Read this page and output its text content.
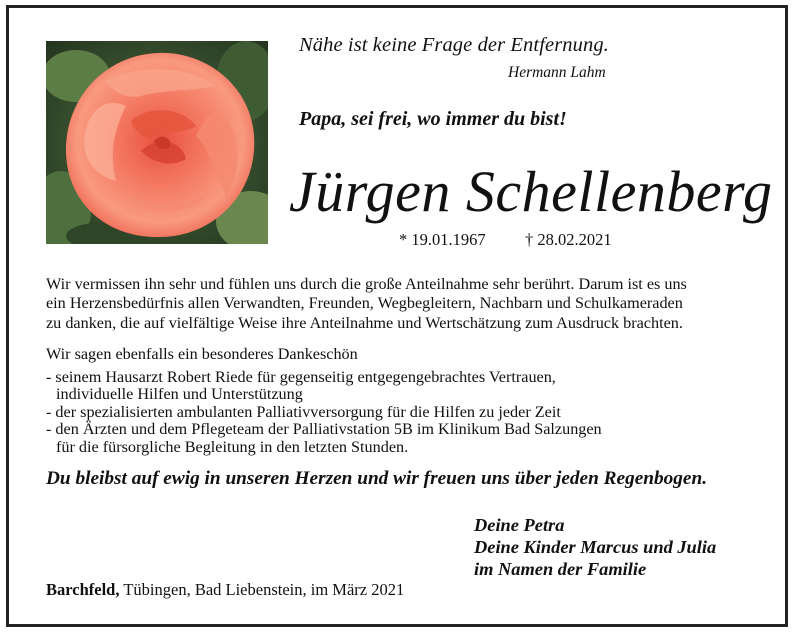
Nähe ist keine Frage der Entfernung.
Hermann Lahm
Papa, sei frei, wo immer du bist!
Jürgen Schellenberg
* 19.01.1967 † 28.02.2021
Wir vermissen ihn sehr und fühlen uns durch die große Anteilnahme sehr berührt. Darum ist es uns
ein Herzensbedürfnis allen Verwandten, Freunden, Wegbegleitern, Nachbarn und Schulkameraden
zu danken, die auf vielfältige Weise ihre Anteilnahme und Wertschätzung zum Ausdruck brachten.
Wir sagen ebenfalls ein besonderes Dankeschön
- seinem Hausarzt Robert Riede für gegenseitig entgegengebrachtes Vertrauen,
individuelle Hilfen und Unterstützung
- der spezialisierten ambulanten Palliativversorgung für die Hilfen zu jeder Zeit
- den Ärzten und dem Pflegeteam der Palliativstation 5B im Klinikum Bad Salzungen
für die fürsorgliche Begleitung in den letzten Stunden.
Du bleibst auf ewig in unseren Herzen und wir freuen uns über jeden Regenbogen.
Deine Petra
Deine Kinder Marcus und Julia
im Namen der Familie
Barchfeld, Tübingen, Bad Liebenstein, im März 2021
